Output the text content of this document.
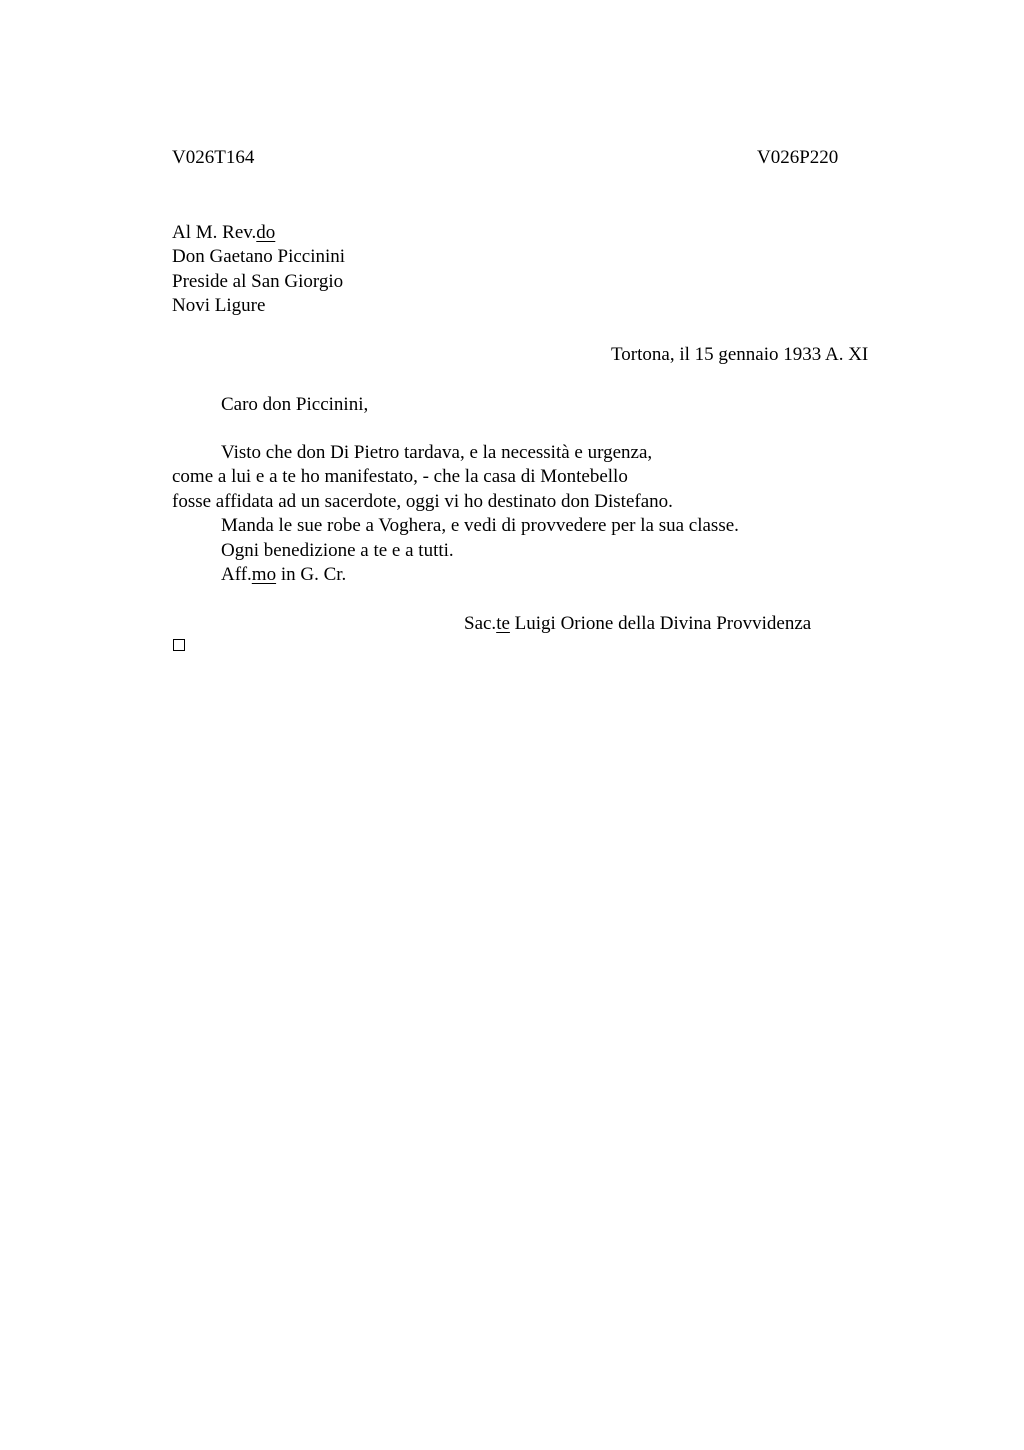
V026T164	V026P220
Al M. Rev.do
Don Gaetano Piccinini
Preside al San Giorgio
Novi Ligure
Tortona, il 15 gennaio 1933 A. XI
Caro don Piccinini,
Visto che don Di Pietro tardava, e la necessità e urgenza,
come a lui e a te ho manifestato, - che la casa di Montebello
fosse affidata ad un sacerdote, oggi vi ho destinato don Distefano.
Manda le sue robe a Voghera, e vedi di provvedere per la sua classe.
Ogni benedizione a te e a tutti.
Aff.mo in G. Cr.
Sac.te Luigi Orione della Divina Provvidenza
